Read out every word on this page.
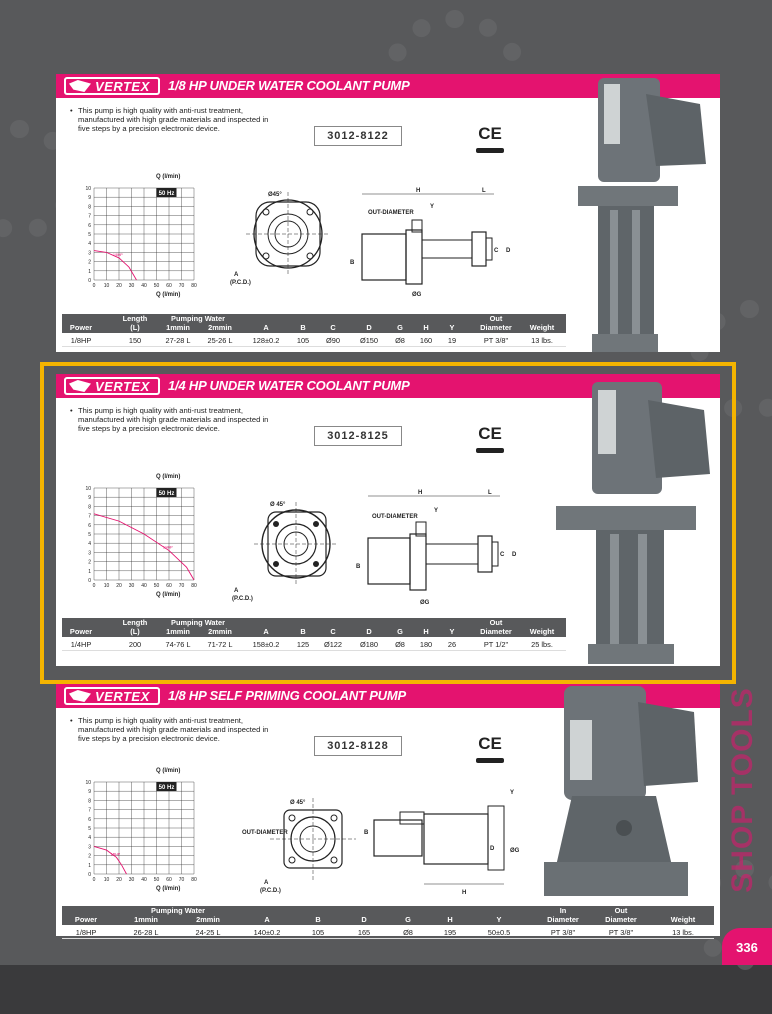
VERTEX 1/8 HP UNDER WATER COOLANT PUMP
• This pump is high quality with anti-rust treatment, manufactured with high grade materials and inspected in five steps by a precision electronic device.
3012-8122	CE
Q (l/min)
0
1
2
3
4
5
6
7
8
9
10
0 10 20 30 40 50 60 70 80
50 Hz
1/8HP
Q (l/min)
Ø45°
A
(P.C.D.)
H	L
Y
OUT-DIAMETER
B
C D
ØG
Length	Pumping Water	Out
Power	(L)	1mmin	2mmin	A	B	C	D	G	H	Y	Diameter	Weight
1/8HP	150	27-28 L	25-26 L	128±0.2	105	Ø90	Ø150	Ø8	160	19	PT 3/8"	13 lbs.
VERTEX 1/4 HP UNDER WATER COOLANT PUMP
• This pump is high quality with anti-rust treatment, manufactured with high grade materials and inspected in five steps by a precision electronic device.
3012-8125	CE
Q (l/min)
0
1
2
3
4
5
6
7
8
9
10
0 10 20 30 40 50 60 70 80
50 Hz
1/4HP
Q (l/min)
Ø 45°
A
(P.C.D.)
H	L
Y
OUT-DIAMETER
B
C D
ØG
Length	Pumping Water	Out
Power	(L)	1mmin	2mmin	A	B	C	D	G	H	Y	Diameter	Weight
1/4HP	200	74-76 L	71-72 L	158±0.2	125	Ø122	Ø180	Ø8	180	26	PT 1/2"	25 lbs.
VERTEX 1/8 HP SELF PRIMING COOLANT PUMP
• This pump is high quality with anti-rust treatment, manufactured with high grade materials and inspected in five steps by a precision electronic device.
3012-8128	CE
Q (l/min)
0
1
2
3
4
5
6
7
8
9
10
0 10 20 30 40 50 60 70 80
50 Hz
1/8HP
Q (l/min)
Ø 45°
OUT-DIAMETER
A
(P.C.D.)
B
D
Y
ØG
H
Pumping Water	In	Out
Power	1mmin	2mmin	A	B	D	G	H	Y	Diameter	Diameter	Weight
1/8HP	26-28 L	24-25 L	140±0.2	105	165	Ø8	195	50±0.5	PT 3/8"	PT 3/8"	13 lbs.
SHOP TOOLS
336
